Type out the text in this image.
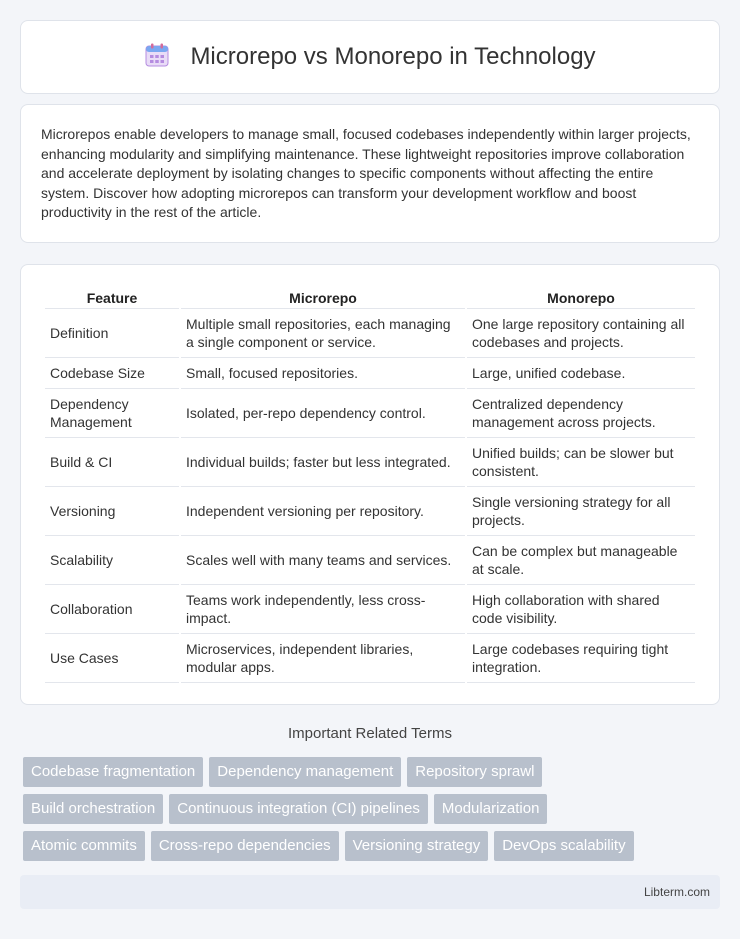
Microrepo vs Monorepo in Technology

Microrepos enable developers to manage small, focused codebases independently within larger projects, enhancing modularity and simplifying maintenance. These lightweight repositories improve collaboration and accelerate deployment by isolating changes to specific components without affecting the entire system. Discover how adopting microrepos can transform your development workflow and boost productivity in the rest of the article.

Feature	Microrepo	Monorepo
Definition	Multiple small repositories, each managing a single component or service.	One large repository containing all codebases and projects.
Codebase Size	Small, focused repositories.	Large, unified codebase.
Dependency Management	Isolated, per-repo dependency control.	Centralized dependency management across projects.
Build & CI	Individual builds; faster but less integrated.	Unified builds; can be slower but consistent.
Versioning	Independent versioning per repository.	Single versioning strategy for all projects.
Scalability	Scales well with many teams and services.	Can be complex but manageable at scale.
Collaboration	Teams work independently, less cross-impact.	High collaboration with shared code visibility.
Use Cases	Microservices, independent libraries, modular apps.	Large codebases requiring tight integration.
Important Related Terms
Codebase fragmentation	Dependency management	Repository sprawl
Build orchestration	Continuous integration (CI) pipelines	Modularization
Atomic commits	Cross-repo dependencies	Versioning strategy	DevOps scalability
Libterm.com
